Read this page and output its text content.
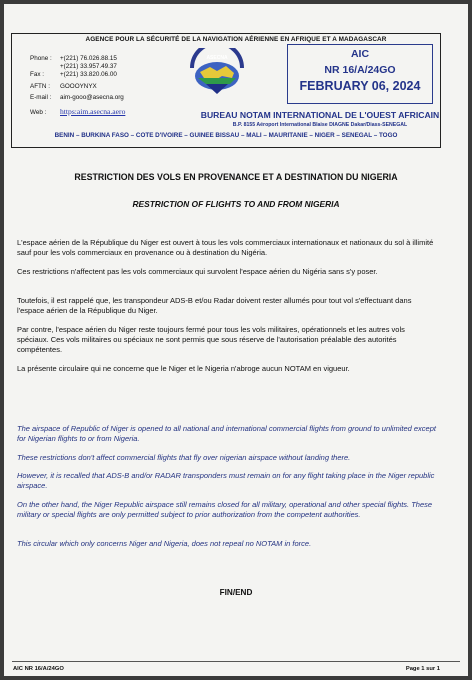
AGENCE POUR LA SÉCURITÉ DE LA NAVIGATION AÉRIENNE EN AFRIQUE ET A MADAGASCAR
Phone : +(221) 76.026.88.15
+(221) 33.957.49.37
Fax :	+(221) 33.820.06.00
AFTN : GOOOYNYX
E-mail : aim-gooo@asecna.org
Web : https:aim.asecna.aero
ASECNA	AIC
NR 16/A/24GO
FEBRUARY 06, 2024
BUREAU NOTAM INTERNATIONAL DE L'OUEST AFRICAIN
B.P. 8155 Aéroport International Blaise DIAGNE Dakar/Diass-SENEGAL
BENIN – BURKINA FASO – COTE D'IVOIRE – GUINEE BISSAU – MALI – MAURITANIE – NIGER – SENEGAL – TOGO
RESTRICTION DES VOLS EN PROVENANCE ET A DESTINATION DU NIGERIA
RESTRICTION OF FLIGHTS TO AND FROM NIGERIA
L'espace aérien de la République du Niger est ouvert à tous les vols commerciaux internationaux et nationaux du sol à illimité sauf pour les vols commerciaux en provenance ou à destination du Nigéria.
Ces restrictions n'affectent pas les vols commerciaux qui survolent l'espace aérien du Nigéria sans s'y poser.
Toutefois, il est rappelé que, les transpondeur ADS-B et/ou Radar doivent rester allumés pour tout vol s'effectuant dans l'espace aérien de la République du Niger.
Par contre, l'espace aérien du Niger reste toujours fermé pour tous les vols militaires, opérationnels et les autres vols spéciaux. Ces vols militaires ou spéciaux ne sont permis que sous réserve de l'autorisation préalable des autorités compétentes.
La présente circulaire qui ne concerne que le Niger et le Nigeria n'abroge aucun NOTAM en vigueur.
The airspace of Republic of Niger is opened to all national and international commercial flights from ground to unlimited except for Nigerian flights to or from Nigeria.
These restrictions don't affect commercial flights that fly over nigerian airspace without landing there.
However, it is recalled that ADS-B and/or RADAR transponders must remain on for any flight taking place in the Niger republic airspace.
On the other hand, the Niger Republic airspace still remains closed for all military, operational and other special flights. These military or special flights are only permitted subject to prior authorization from the competent authorities.
This circular which only concerns Niger and Nigeria, does not repeal no NOTAM in force.
FIN/END
AIC NR 16/A/24GO	Page 1 sur 1
